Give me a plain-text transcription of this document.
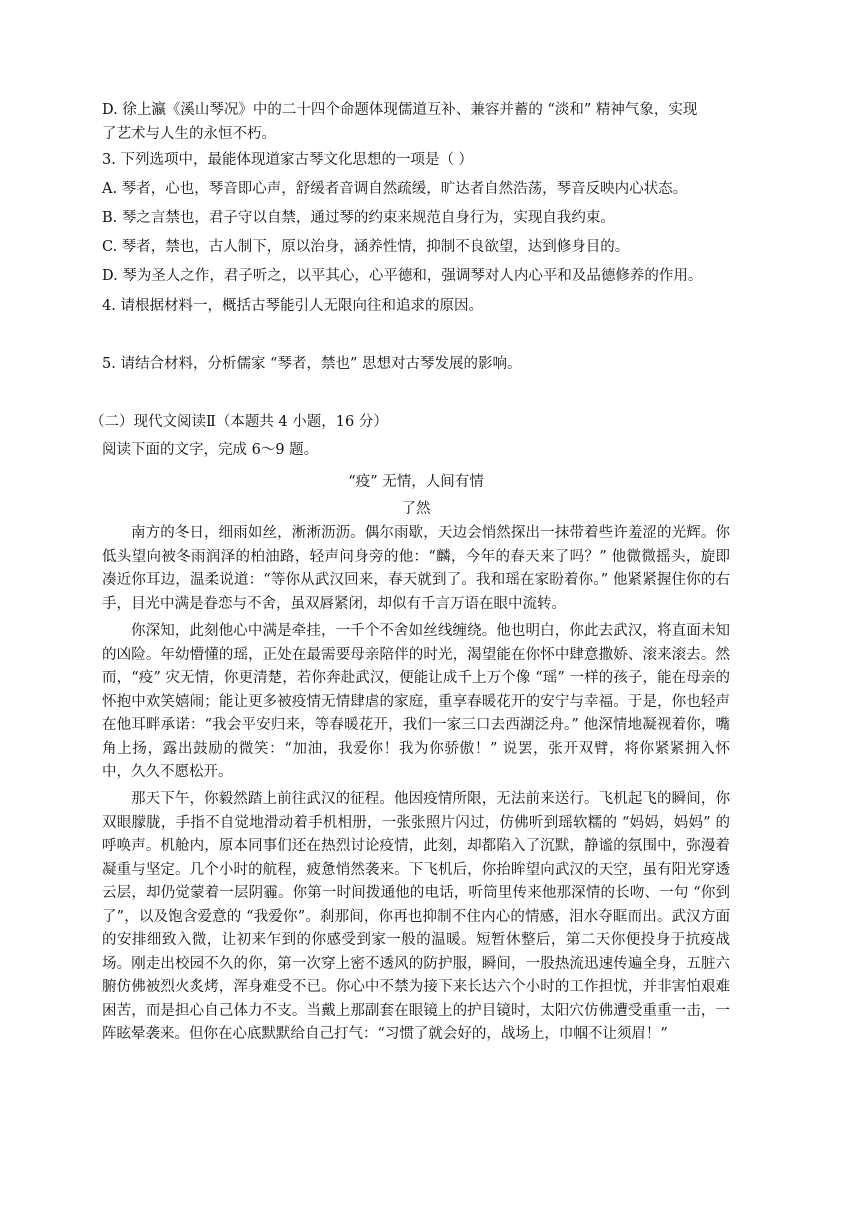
D. 徐上瀛《溪山琴况》中的二十四个命题体现儒道互补、兼容并蓄的 “淡和” 精神气象，实现
了艺术与人生的永恒不朽。
3. 下列选项中，最能体现道家古琴文化思想的一项是（ ）
A. 琴者，心也，琴音即心声，舒缓者音调自然疏缓，旷达者自然浩荡，琴音反映内心状态。
B. 琴之言禁也，君子守以自禁，通过琴的约束来规范自身行为，实现自我约束。
C. 琴者，禁也，古人制下，原以治身，涵养性情，抑制不良欲望，达到修身目的。
D. 琴为圣人之作，君子听之，以平其心，心平德和，强调琴对人内心平和及品德修养的作用。
4. 请根据材料一，概括古琴能引人无限向往和追求的原因。
5. 请结合材料，分析儒家 “琴者，禁也” 思想对古琴发展的影响。
（二）现代文阅读Ⅱ（本题共 4 小题，16 分）
阅读下面的文字，完成 6～9 题。
“疫” 无情，人间有情
了然
南方的冬日，细雨如丝，淅淅沥沥。偶尔雨歇，天边会悄然探出一抹带着些许羞涩的光辉。你低头望向被冬雨润泽的柏油路，轻声问身旁的他：“麟，今年的春天来了吗？” 他微微摇头，旋即凑近你耳边，温柔说道：“等你从武汉回来，春天就到了。我和瑶在家盼着你。” 他紧紧握住你的右手，目光中满是眷恋与不舍，虽双唇紧闭，却似有千言万语在眼中流转。
你深知，此刻他心中满是牵挂，一千个不舍如丝线缠绕。他也明白，你此去武汉，将直面未知的凶险。年幼懵懂的瑶，正处在最需要母亲陪伴的时光，渴望能在你怀中肆意撒娇、滚来滚去。然而，“疫” 灾无情，你更清楚，若你奔赴武汉，便能让成千上万个像 “瑶” 一样的孩子，能在母亲的怀抱中欢笑嬉闹；能让更多被疫情无情肆虐的家庭，重享春暖花开的安宁与幸福。于是，你也轻声在他耳畔承诺：“我会平安归来，等春暖花开，我们一家三口去西湖泛舟。” 他深情地凝视着你，嘴角上扬，露出鼓励的微笑：“加油，我爱你！我为你骄傲！” 说罢，张开双臂，将你紧紧拥入怀中，久久不愿松开。
那天下午，你毅然踏上前往武汉的征程。他因疫情所限，无法前来送行。飞机起飞的瞬间，你双眼朦胧，手指不自觉地滑动着手机相册，一张张照片闪过，仿佛听到瑶软糯的 “妈妈，妈妈” 的呼唤声。机舱内，原本同事们还在热烈讨论疫情，此刻，却都陷入了沉默，静谧的氛围中，弥漫着凝重与坚定。几个小时的航程，疲惫悄然袭来。下飞机后，你抬眸望向武汉的天空，虽有阳光穿透云层，却仍觉蒙着一层阴霾。你第一时间拨通他的电话，听筒里传来他那深情的长吻、一句 “你到了”，以及饱含爱意的 “我爱你”。刹那间，你再也抑制不住内心的情感，泪水夺眶而出。武汉方面的安排细致入微，让初来乍到的你感受到家一般的温暖。短暂休整后，第二天你便投身于抗疫战场。刚走出校园不久的你，第一次穿上密不透风的防护服，瞬间，一股热流迅速传遍全身，五脏六腑仿佛被烈火炙烤，浑身难受不已。你心中不禁为接下来长达六个小时的工作担忧，并非害怕艰难困苦，而是担心自己体力不支。当戴上那副套在眼镜上的护目镜时，太阳穴仿佛遭受重重一击，一阵眩晕袭来。但你在心底默默给自己打气：“习惯了就会好的，战场上，巾帼不让须眉！”
